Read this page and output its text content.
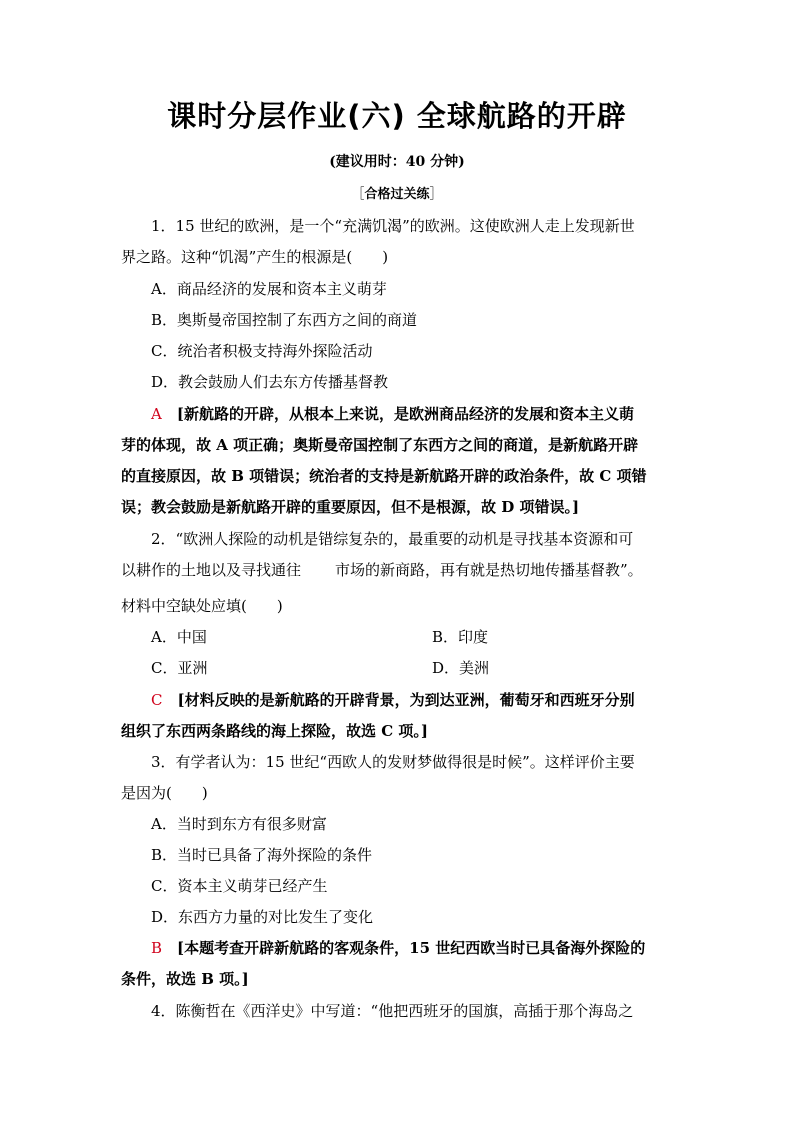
课时分层作业(六) 全球航路的开辟
(建议用时：40 分钟)
［合格过关练］
1．15 世纪的欧洲，是一个“充满饥渴”的欧洲。这使欧洲人走上发现新世
界之路。这种“饥渴”产生的根源是(　　)
A．商品经济的发展和资本主义萌芽
B．奥斯曼帝国控制了东西方之间的商道
C．统治者积极支持海外探险活动
D．教会鼓励人们去东方传播基督教
A　 [新航路的开辟，从根本上来说，是欧洲商品经济的发展和资本主义萌
芽的体现，故 A 项正确；奥斯曼帝国控制了东西方之间的商道，是新航路开辟
的直接原因，故 B 项错误；统治者的支持是新航路开辟的政治条件，故 C 项错
误；教会鼓励是新航路开辟的重要原因，但不是根源，故 D 项错误。]
2．“欧洲人探险的动机是错综复杂的，最重要的动机是寻找基本资源和可
以耕作的土地以及寻找通往 市场的新商路，再有就是热切地传播基督教”。
材料中空缺处应填(　　)
A．中国	B．印度
C．亚洲	D．美洲
C　 [材料反映的是新航路的开辟背景，为到达亚洲，葡萄牙和西班牙分别
组织了东西两条路线的海上探险，故选 C 项。]
3．有学者认为：15 世纪“西欧人的发财梦做得很是时候”。这样评价主要
是因为(　　)
A．当时到东方有很多财富
B．当时已具备了海外探险的条件
C．资本主义萌芽已经产生
D．东西方力量的对比发生了变化
B　 [本题考查开辟新航路的客观条件，15 世纪西欧当时已具备海外探险的
条件，故选 B 项。]
4．陈衡哲在《西洋史》中写道：“他把西班牙的国旗，高插于那个海岛之
